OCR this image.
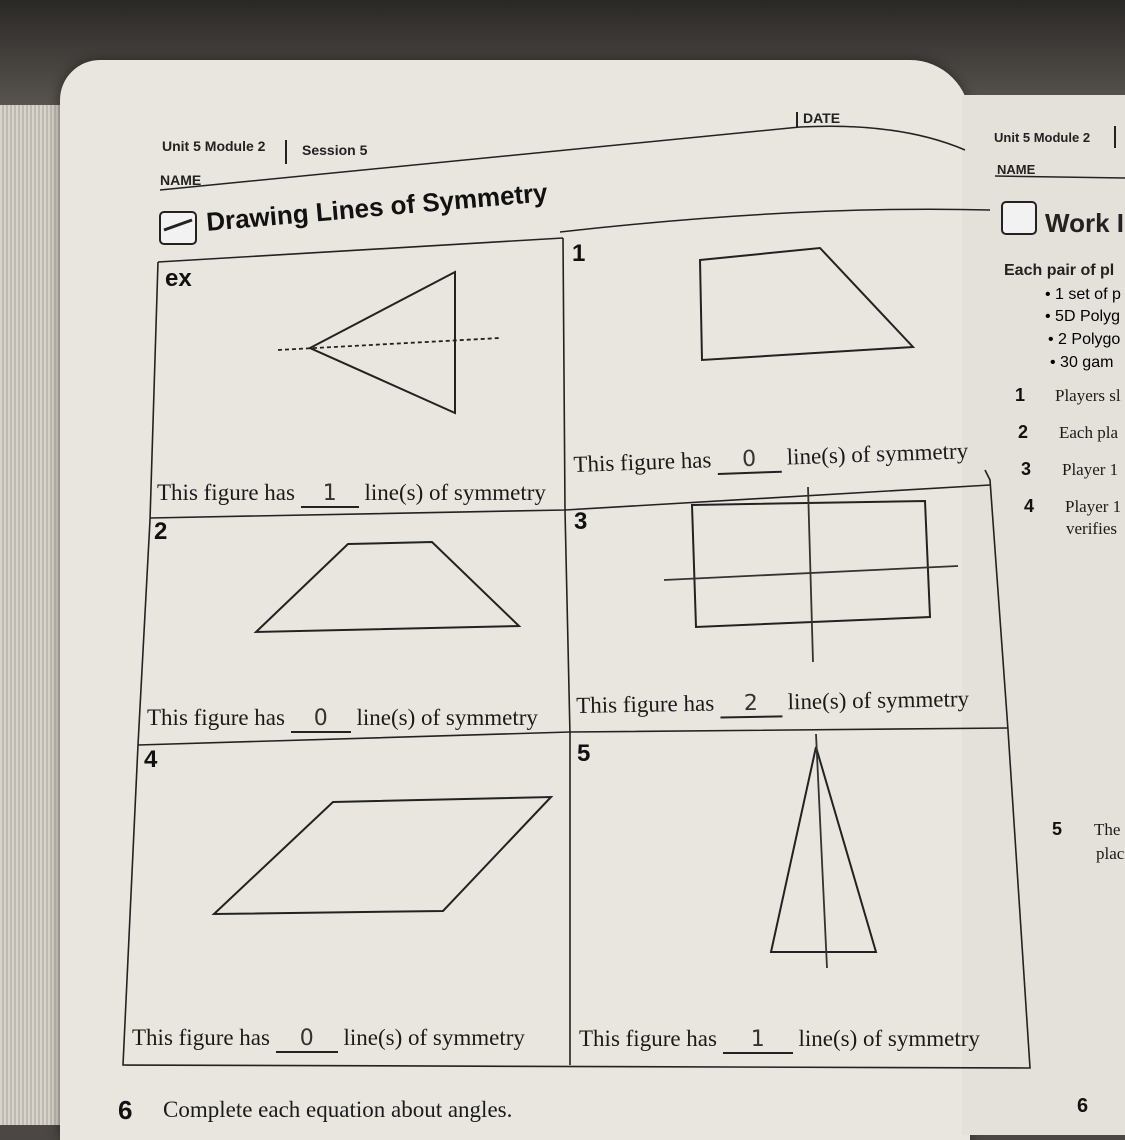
Unit 5 Module 2	Session 5
NAME
DATE
Drawing Lines of Symmetry
ex
1
2	3
4	5
This figure has 1 line(s) of symmetry
This figure has 0 line(s) of symmetry
This figure has 0 line(s) of symmetry This figure has 2 line(s) of symmetry
This figure has 0 line(s) of symmetry This figure has 1 line(s) of symmetry
6 Complete each equation about angles.
Unit 5 Module 2
NAME
Work I
Each pair of pl
• 1 set of p
• 5D Polyg
• 2 Polygo
• 30 gam
1 Players sl
2 Each pla
3 Player 1
4 Player 1
verifies
5 The
plac
6
